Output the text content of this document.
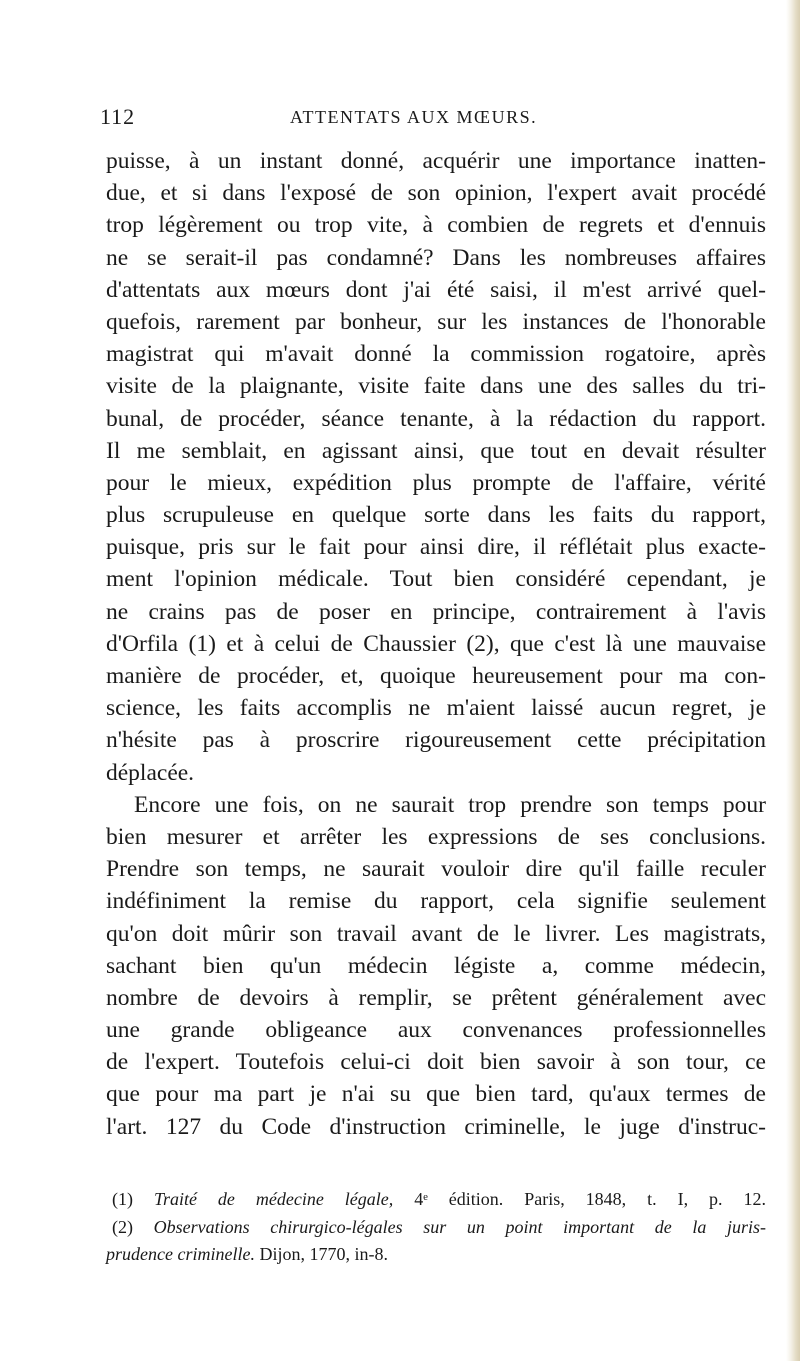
112	ATTENTATS AUX MŒURS.
puisse, à un instant donné, acquérir une importance inatten-
due, et si dans l'exposé de son opinion, l'expert avait procédé
trop légèrement ou trop vite, à combien de regrets et d'ennuis
ne se serait-il pas condamné? Dans les nombreuses affaires
d'attentats aux mœurs dont j'ai été saisi, il m'est arrivé quel-
quefois, rarement par bonheur, sur les instances de l'honorable
magistrat qui m'avait donné la commission rogatoire, après
visite de la plaignante, visite faite dans une des salles du tri-
bunal, de procéder, séance tenante, à la rédaction du rapport.
Il me semblait, en agissant ainsi, que tout en devait résulter
pour le mieux, expédition plus prompte de l'affaire, vérité
plus scrupuleuse en quelque sorte dans les faits du rapport,
puisque, pris sur le fait pour ainsi dire, il réflétait plus exacte-
ment l'opinion médicale. Tout bien considéré cependant, je
ne crains pas de poser en principe, contrairement à l'avis
d'Orfila (1) et à celui de Chaussier (2), que c'est là une mauvaise
manière de procéder, et, quoique heureusement pour ma con-
science, les faits accomplis ne m'aient laissé aucun regret, je
n'hésite pas à proscrire rigoureusement cette précipitation
déplacée.
Encore une fois, on ne saurait trop prendre son temps pour
bien mesurer et arrêter les expressions de ses conclusions.
Prendre son temps, ne saurait vouloir dire qu'il faille reculer
indéfiniment la remise du rapport, cela signifie seulement
qu'on doit mûrir son travail avant de le livrer. Les magistrats,
sachant bien qu'un médecin légiste a, comme médecin,
nombre de devoirs à remplir, se prêtent généralement avec
une grande obligeance aux convenances professionnelles
de l'expert. Toutefois celui-ci doit bien savoir à son tour, ce
que pour ma part je n'ai su que bien tard, qu'aux termes de
l'art. 127 du Code d'instruction criminelle, le juge d'instruc-
(1) Traité de médecine légale, 4ᵉ édition. Paris, 1848, t. I, p. 12.
(2) Observations chirurgico-légales sur un point important de la juris-
prudence criminelle. Dijon, 1770, in-8.
